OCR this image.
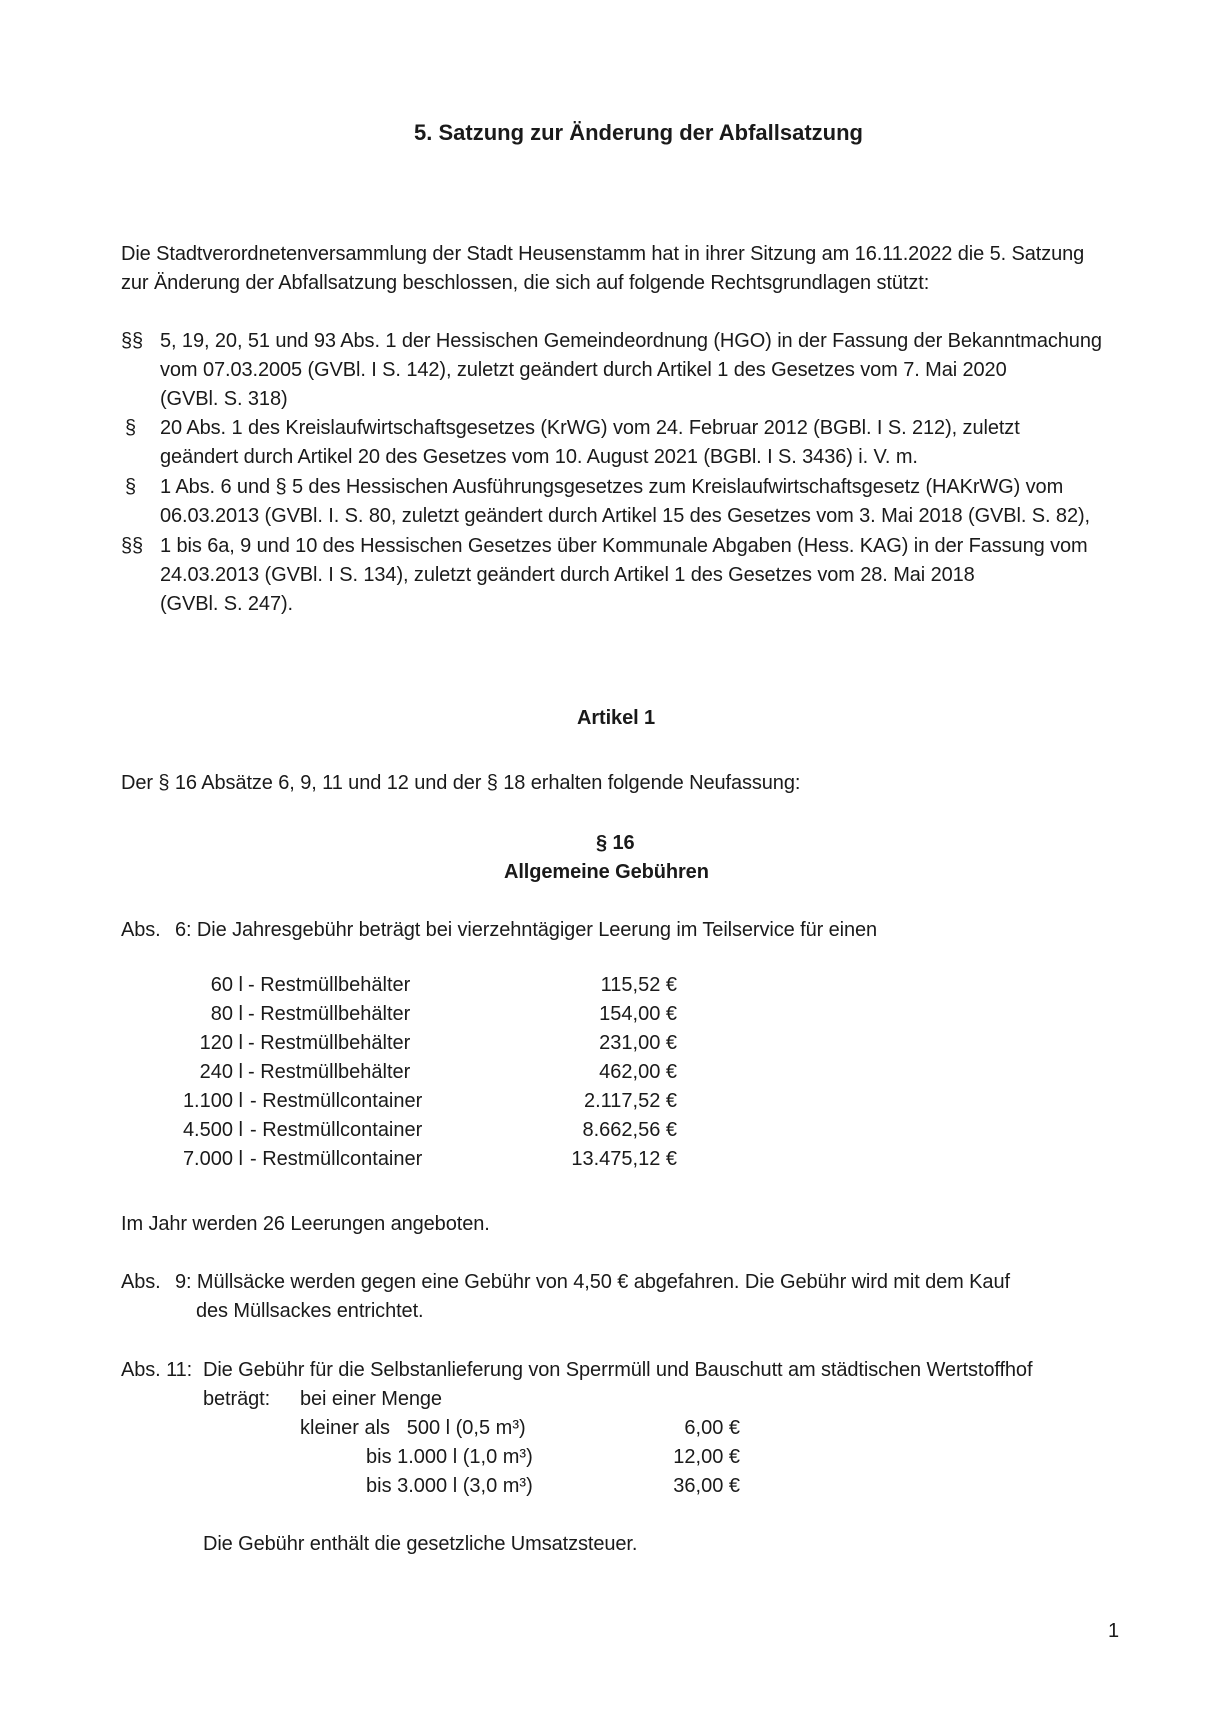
5. Satzung zur Änderung der Abfallsatzung
Die Stadtverordnetenversammlung der Stadt Heusenstamm hat in ihrer Sitzung am 16.11.2022 die 5. Satzung
zur Änderung der Abfallsatzung beschlossen, die sich auf folgende Rechtsgrundlagen stützt:
§§ 5, 19, 20, 51 und 93 Abs. 1 der Hessischen Gemeindeordnung (HGO) in der Fassung der Bekanntmachung
vom 07.03.2005 (GVBl. I S. 142), zuletzt geändert durch Artikel 1 des Gesetzes vom 7. Mai 2020
(GVBl. S. 318)
§ 20 Abs. 1 des Kreislaufwirtschaftsgesetzes (KrWG) vom 24. Februar 2012 (BGBl. I S. 212), zuletzt
geändert durch Artikel 20 des Gesetzes vom 10. August 2021 (BGBl. I S. 3436) i. V. m.
§ 1 Abs. 6 und § 5 des Hessischen Ausführungsgesetzes zum Kreislaufwirtschaftsgesetz (HAKrWG) vom
06.03.2013 (GVBl. I. S. 80, zuletzt geändert durch Artikel 15 des Gesetzes vom 3. Mai 2018 (GVBl. S. 82),
§§ 1 bis 6a, 9 und 10 des Hessischen Gesetzes über Kommunale Abgaben (Hess. KAG) in der Fassung vom
24.03.2013 (GVBl. I S. 134), zuletzt geändert durch Artikel 1 des Gesetzes vom 28. Mai 2018
(GVBl. S. 247).
Artikel 1
Der § 16 Absätze 6, 9, 11 und 12 und der § 18 erhalten folgende Neufassung:
§ 16
Allgemeine Gebühren
Abs. 6: Die Jahresgebühr beträgt bei vierzehntägiger Leerung im Teilservice für einen
60 l - Restmüllbehälter	115,52 €
80 l - Restmüllbehälter	154,00 €
120 l - Restmüllbehälter	231,00 €
240 l - Restmüllbehälter	462,00 €
1.100 l - Restmüllcontainer	2.117,52 €
4.500 l - Restmüllcontainer	8.662,56 €
7.000 l - Restmüllcontainer	13.475,12 €
Im Jahr werden 26 Leerungen angeboten.
Abs. 9: Müllsäcke werden gegen eine Gebühr von 4,50 € abgefahren. Die Gebühr wird mit dem Kauf
des Müllsackes entrichtet.
Abs. 11: Die Gebühr für die Selbstanlieferung von Sperrmüll und Bauschutt am städtischen Wertstoffhof
beträgt: bei einer Menge
kleiner als   500 l (0,5 m³)	6,00 €
bis 1.000 l (1,0 m³)	12,00 €
bis 3.000 l (3,0 m³)	36,00 €
Die Gebühr enthält die gesetzliche Umsatzsteuer.
1
